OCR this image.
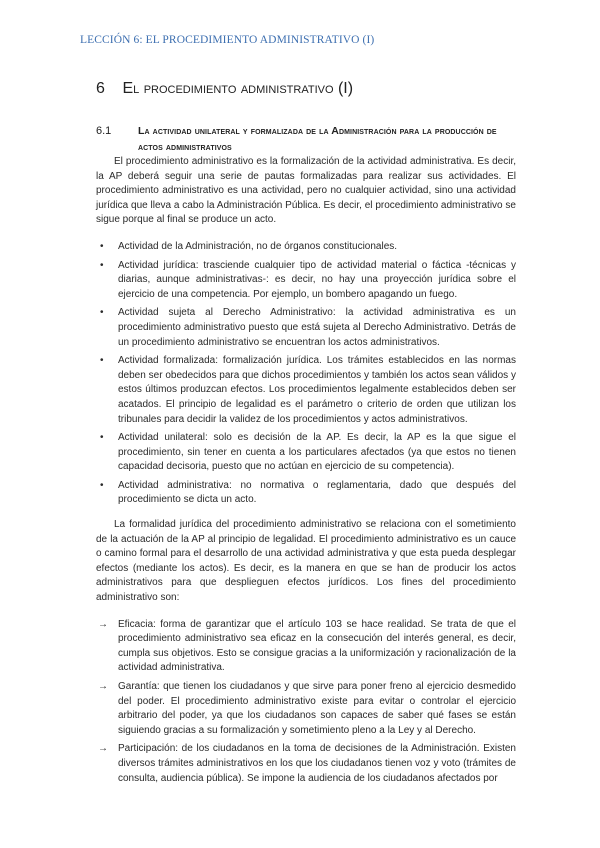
LECCIÓN 6: EL PROCEDIMIENTO ADMINISTRATIVO (I)
6 El procedimiento administrativo (I)
6.1	La actividad unilateral y formalizada de la Administración para la producción de actos administrativos

El procedimiento administrativo es la formalización de la actividad administrativa. Es decir, la AP deberá seguir una serie de pautas formalizadas para realizar sus actividades. El procedimiento administrativo es una actividad, pero no cualquier actividad, sino una actividad jurídica que lleva a cabo la Administración Pública. Es decir, el procedimiento administrativo se sigue porque al final se produce un acto.

• Actividad de la Administración, no de órganos constitucionales.
• Actividad jurídica: trasciende cualquier tipo de actividad material o fáctica -técnicas y diarias, aunque administrativas-: es decir, no hay una proyección jurídica sobre el ejercicio de una competencia. Por ejemplo, un bombero apagando un fuego.
• Actividad sujeta al Derecho Administrativo: la actividad administrativa es un procedimiento administrativo puesto que está sujeta al Derecho Administrativo. Detrás de un procedimiento administrativo se encuentran los actos administrativos.
• Actividad formalizada: formalización jurídica. Los trámites establecidos en las normas deben ser obedecidos para que dichos procedimientos y también los actos sean válidos y estos últimos produzcan efectos. Los procedimientos legalmente establecidos deben ser acatados. El principio de legalidad es el parámetro o criterio de orden que utilizan los tribunales para decidir la validez de los procedimientos y actos administrativos.
• Actividad unilateral: solo es decisión de la AP. Es decir, la AP es la que sigue el procedimiento, sin tener en cuenta a los particulares afectados (ya que estos no tienen capacidad decisoria, puesto que no actúan en ejercicio de su competencia).
• Actividad administrativa: no normativa o reglamentaria, dado que después del procedimiento se dicta un acto.

La formalidad jurídica del procedimiento administrativo se relaciona con el sometimiento de la actuación de la AP al principio de legalidad. El procedimiento administrativo es un cauce o camino formal para el desarrollo de una actividad administrativa y que esta pueda desplegar efectos (mediante los actos). Es decir, es la manera en que se han de producir los actos administrativos para que desplieguen efectos jurídicos. Los fines del procedimiento administrativo son:

→ Eficacia: forma de garantizar que el artículo 103 se hace realidad. Se trata de que el procedimiento administrativo sea eficaz en la consecución del interés general, es decir, cumpla sus objetivos. Esto se consigue gracias a la uniformización y racionalización de la actividad administrativa.
→ Garantía: que tienen los ciudadanos y que sirve para poner freno al ejercicio desmedido del poder. El procedimiento administrativo existe para evitar o controlar el ejercicio arbitrario del poder, ya que los ciudadanos son capaces de saber qué fases se están siguiendo gracias a su formalización y sometimiento pleno a la Ley y al Derecho.
→ Participación: de los ciudadanos en la toma de decisiones de la Administración. Existen diversos trámites administrativos en los que los ciudadanos tienen voz y voto (trámites de consulta, audiencia pública). Se impone la audiencia de los ciudadanos afectados por
